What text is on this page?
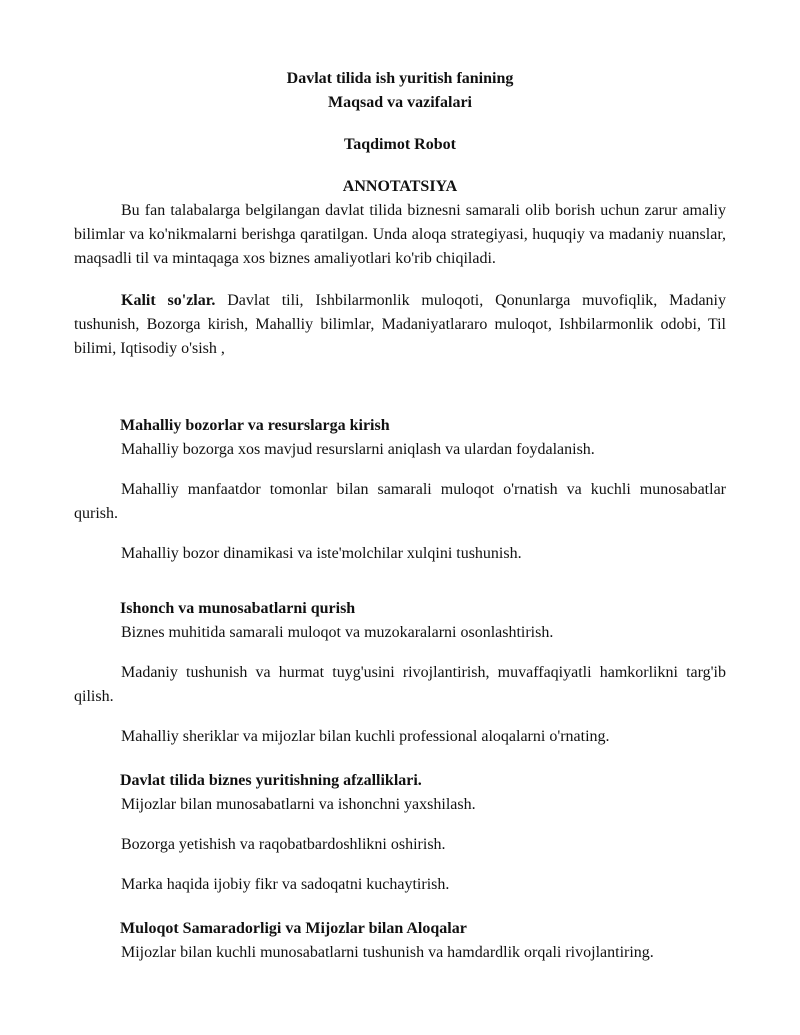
Davlat tilida ish yuritish fanining

Maqsad va vazifalari

Taqdimot Robot

ANNOTATSIYA

Bu fan talabalarga belgilangan davlat tilida biznesni samarali olib borish uchun zarur amaliy bilimlar va ko'nikmalarni berishga qaratilgan. Unda aloqa strategiyasi, huquqiy va madaniy nuanslar, maqsadli til va mintaqaga xos biznes amaliyotlari ko'rib chiqiladi.

Kalit so'zlar. Davlat tili, Ishbilarmonlik muloqoti, Qonunlarga muvofiqlik, Madaniy tushunish, Bozorga kirish, Mahalliy bilimlar, Madaniyatlararo muloqot, Ishbilarmonlik odobi, Til bilimi, Iqtisodiy o'sish ,

Mahalliy bozorlar va resurslarga kirish

Mahalliy bozorga xos mavjud resurslarni aniqlash va ulardan foydalanish.

Mahalliy manfaatdor tomonlar bilan samarali muloqot o'rnatish va kuchli munosabatlar qurish.

Mahalliy bozor dinamikasi va iste'molchilar xulqini tushunish.

Ishonch va munosabatlarni qurish

Biznes muhitida samarali muloqot va muzokaralarni osonlashtirish.

Madaniy tushunish va hurmat tuyg'usini rivojlantirish, muvaffaqiyatli hamkorlikni targ'ib qilish.

Mahalliy sheriklar va mijozlar bilan kuchli professional aloqalarni o'rnating.

Davlat tilida biznes yuritishning afzalliklari.

Mijozlar bilan munosabatlarni va ishonchni yaxshilash.

Bozorga yetishish va raqobatbardoshlikni oshirish.

Marka haqida ijobiy fikr va sadoqatni kuchaytirish.

Muloqot Samaradorligi va Mijozlar bilan Aloqalar

Mijozlar bilan kuchli munosabatlarni tushunish va hamdardlik orqali rivojlantiring.
